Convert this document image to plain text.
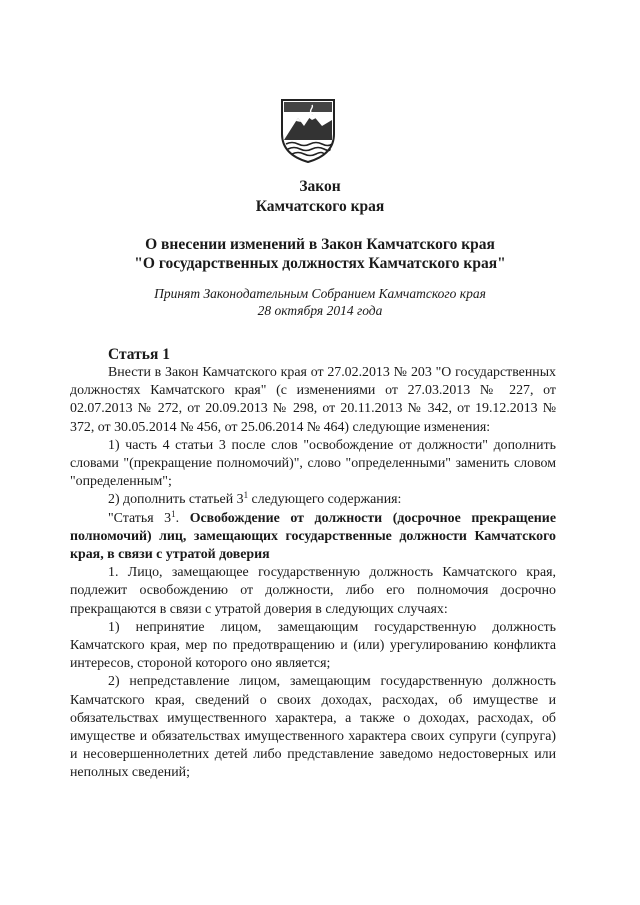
Закон

Камчатского края

О внесении изменений в Закон Камчатского края

"О государственных должностях Камчатского края"

Принят Законодательным Собранием Камчатского края

28 октября 2014 года

Статья 1

Внести в Закон Камчатского края от 27.02.2013 № 203 "О государственных должностях Камчатского края" (с изменениями от 27.03.2013 № 227, от 02.07.2013 № 272, от 20.09.2013 № 298, от 20.11.2013 № 342, от 19.12.2013 № 372, от 30.05.2014 № 456, от 25.06.2014 № 464) следующие изменения:

1) часть 4 статьи 3 после слов "освобождение от должности" дополнить словами "(прекращение полномочий)", слово "определенными" заменить словом "определенным";

2) дополнить статьей $3^1$ следующего содержания:

"Статья $3^1$. Освобождение от должности (досрочное прекращение полномочий) лиц, замещающих государственные должности Камчатского края, в связи с утратой доверия

1. Лицо, замещающее государственную должность Камчатского края, подлежит освобождению от должности, либо его полномочия досрочно прекращаются в связи с утратой доверия в следующих случаях:

1) непринятие лицом, замещающим государственную должность Камчатского края, мер по предотвращению и (или) урегулированию конфликта интересов, стороной которого оно является;

2) непредставление лицом, замещающим государственную должность Камчатского края, сведений о своих доходах, расходах, об имуществе и обязательствах имущественного характера, а также о доходах, расходах, об имуществе и обязательствах имущественного характера своих супруги (супруга) и несовершеннолетних детей либо представление заведомо недостоверных или неполных сведений;
